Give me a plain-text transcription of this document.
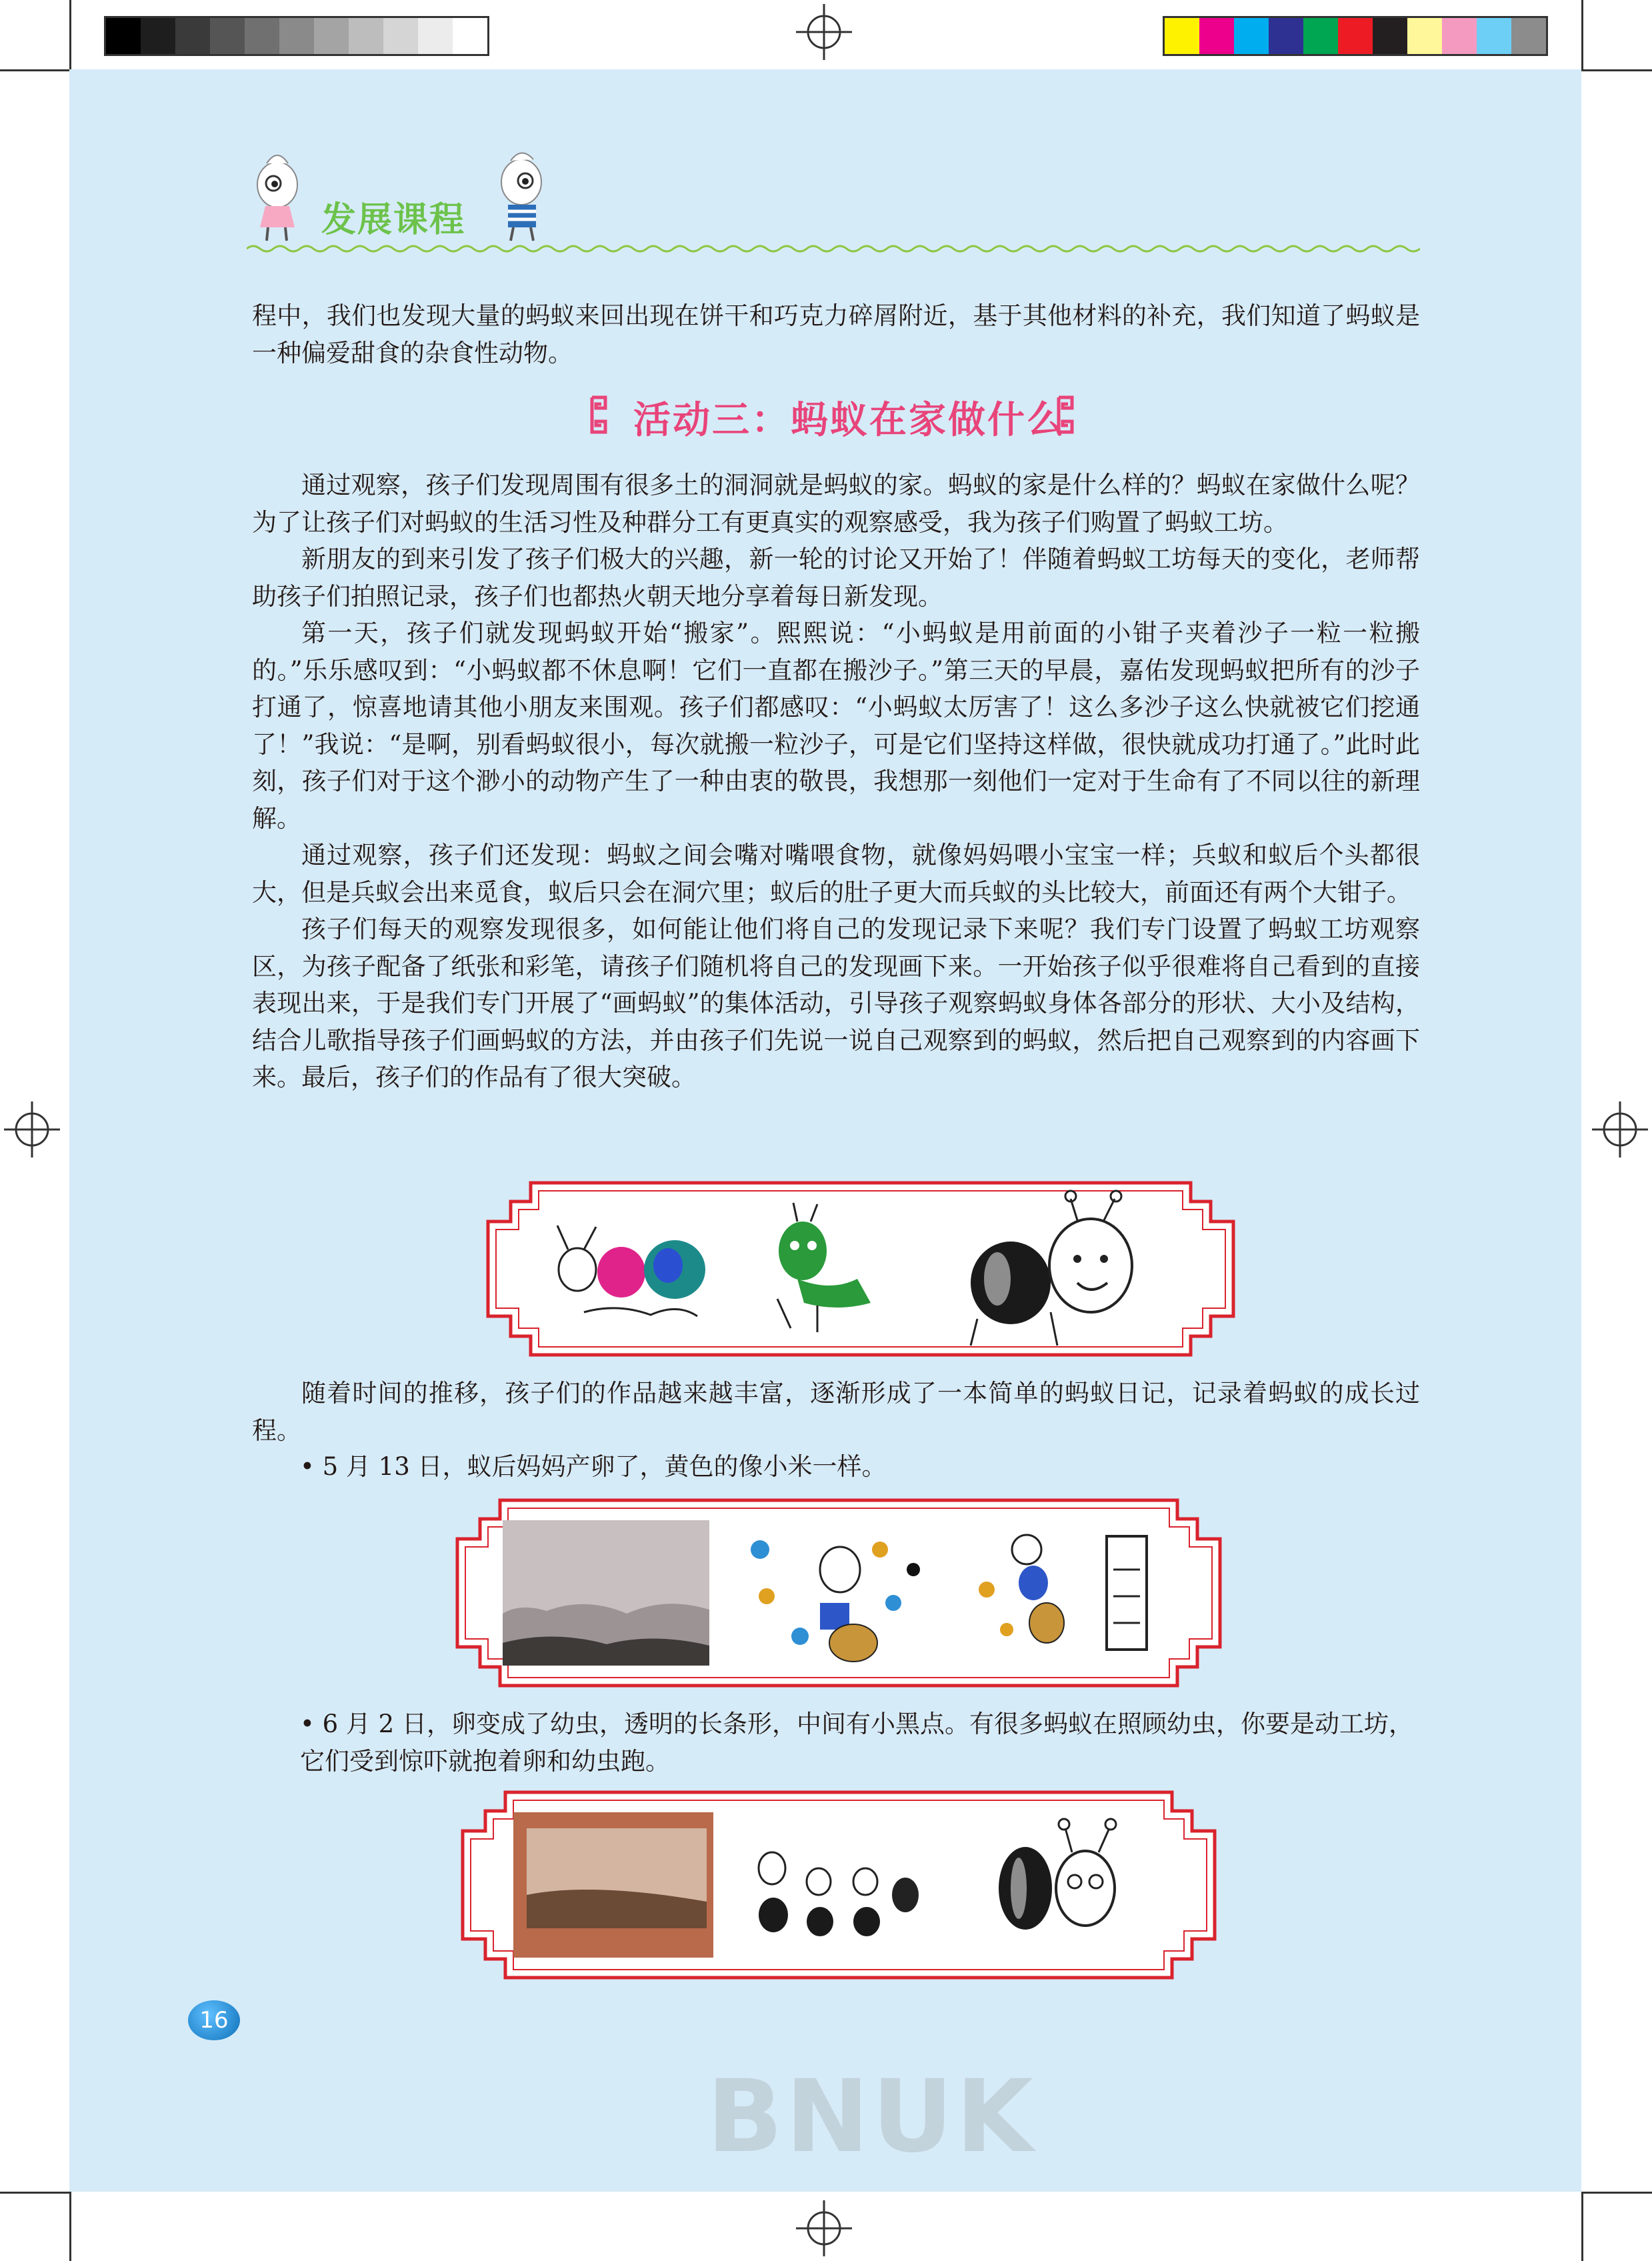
发展课程

程中，我们也发现大量的蚂蚁来回出现在饼干和巧克力碎屑附近，基于其他材料的补充，我们知道了蚂蚁是一种偏爱甜食的杂食性动物。

活动三：蚂蚁在家做什么

通过观察，孩子们发现周围有很多土的洞洞就是蚂蚁的家。蚂蚁的家是什么样的？蚂蚁在家做什么呢？为了让孩子们对蚂蚁的生活习性及种群分工有更真实的观察感受，我为孩子们购置了蚂蚁工坊。

新朋友的到来引发了孩子们极大的兴趣，新一轮的讨论又开始了！伴随着蚂蚁工坊每天的变化，老师帮助孩子们拍照记录，孩子们也都热火朝天地分享着每日新发现。

第一天，孩子们就发现蚂蚁开始“搬家”。熙熙说：“小蚂蚁是用前面的小钳子夹着沙子一粒一粒搬的。”乐乐感叹到：“小蚂蚁都不休息啊！它们一直都在搬沙子。”第三天的早晨，嘉佑发现蚂蚁把所有的沙子打通了，惊喜地请其他小朋友来围观。孩子们都感叹：“小蚂蚁太厉害了！这么多沙子这么快就被它们挖通了！”我说：“是啊，别看蚂蚁很小，每次就搬一粒沙子，可是它们坚持这样做，很快就成功打通了。”此时此刻，孩子们对于这个渺小的动物产生了一种由衷的敬畏，我想那一刻他们一定对于生命有了不同以往的新理解。

通过观察，孩子们还发现：蚂蚁之间会嘴对嘴喂食物，就像妈妈喂小宝宝一样；兵蚁和蚁后个头都很大，但是兵蚁会出来觅食，蚁后只会在洞穴里；蚁后的肚子更大而兵蚁的头比较大，前面还有两个大钳子。

孩子们每天的观察发现很多，如何能让他们将自己的发现记录下来呢？我们专门设置了蚂蚁工坊观察区，为孩子配备了纸张和彩笔，请孩子们随机将自己的发现画下来。一开始孩子似乎很难将自己看到的直接表现出来，于是我们专门开展了“画蚂蚁”的集体活动，引导孩子观察蚂蚁身体各部分的形状、大小及结构，结合儿歌指导孩子们画蚂蚁的方法，并由孩子们先说一说自己观察到的蚂蚁，然后把自己观察到的内容画下来。最后，孩子们的作品有了很大突破。

随着时间的推移，孩子们的作品越来越丰富，逐渐形成了一本简单的蚂蚁日记，记录着蚂蚁的成长过程。

• 5 月 13 日，蚁后妈妈产卵了，黄色的像小米一样。
• 6 月 2 日，卵变成了幼虫，透明的长条形，中间有小黑点。有很多蚂蚁在照顾幼虫，你要是动工坊，它们受到惊吓就抱着卵和幼虫跑。
16
BNUK
